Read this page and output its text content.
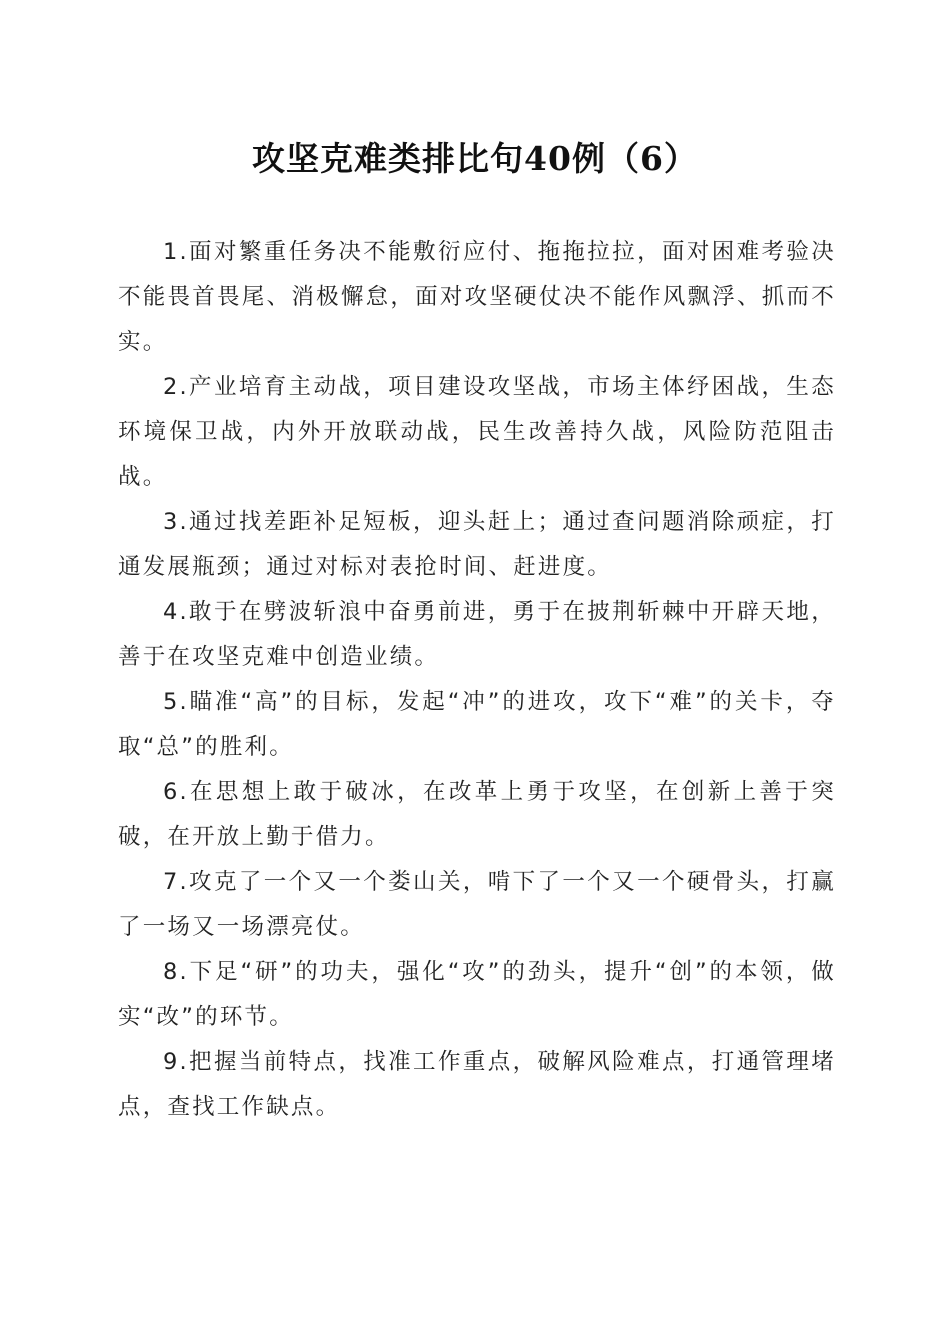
攻坚克难类排比句40例（6）

1.面对繁重任务决不能敷衍应付、拖拖拉拉，面对困难考验决不能畏首畏尾、消极懈怠，面对攻坚硬仗决不能作风飘浮、抓而不实。

2.产业培育主动战，项目建设攻坚战，市场主体纾困战，生态环境保卫战，内外开放联动战，民生改善持久战，风险防范阻击战。

3.通过找差距补足短板，迎头赶上；通过查问题消除顽症，打通发展瓶颈；通过对标对表抢时间、赶进度。

4.敢于在劈波斩浪中奋勇前进，勇于在披荆斩棘中开辟天地，善于在攻坚克难中创造业绩。

5.瞄准“高”的目标，发起“冲”的进攻，攻下“难”的关卡，夺取“总”的胜利。

6.在思想上敢于破冰，在改革上勇于攻坚，在创新上善于突破，在开放上勤于借力。

7.攻克了一个又一个娄山关，啃下了一个又一个硬骨头，打赢了一场又一场漂亮仗。

8.下足“研”的功夫，强化“攻”的劲头，提升“创”的本领，做实“改”的环节。

9.把握当前特点，找准工作重点，破解风险难点，打通管理堵点，查找工作缺点。
